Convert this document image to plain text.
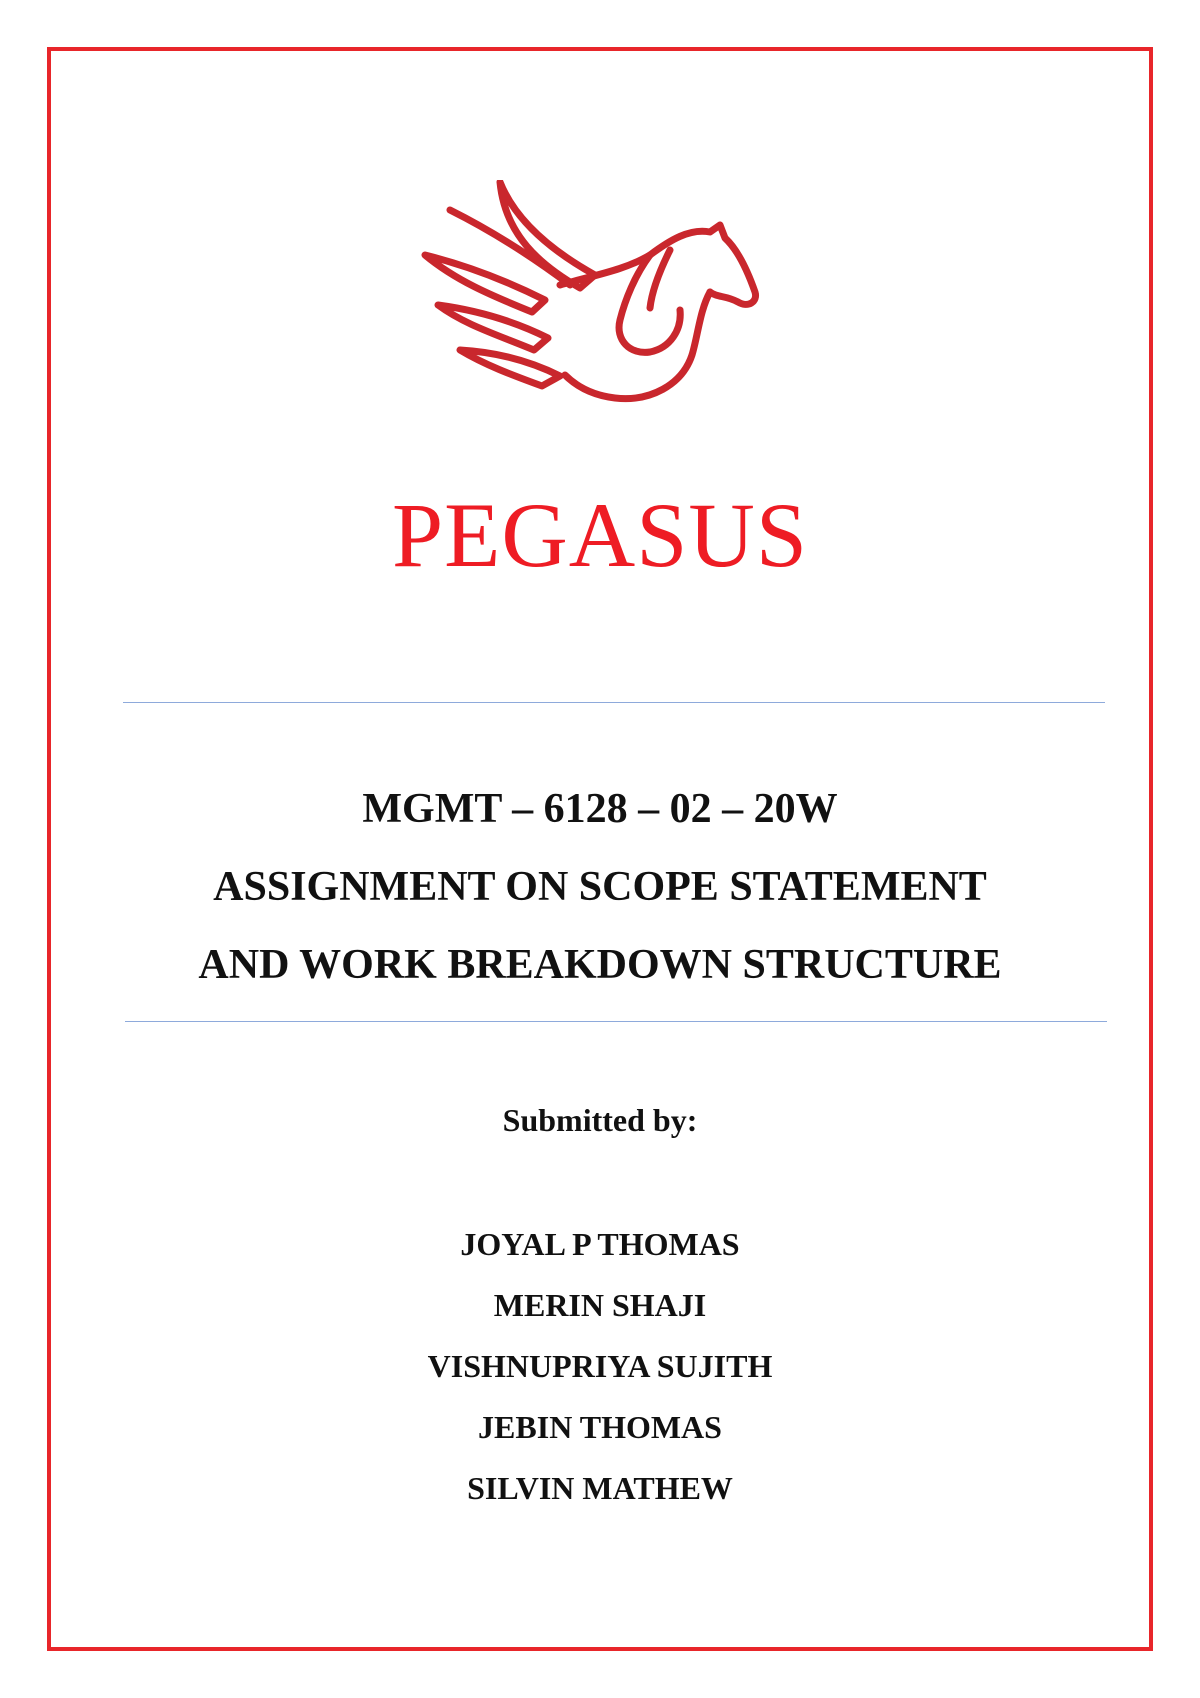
PEGASUS
MGMT – 6128 – 02 – 20W
ASSIGNMENT ON SCOPE STATEMENT
AND WORK BREAKDOWN STRUCTURE
Submitted by:
JOYAL P THOMAS
MERIN SHAJI
VISHNUPRIYA SUJITH
JEBIN THOMAS
SILVIN MATHEW
